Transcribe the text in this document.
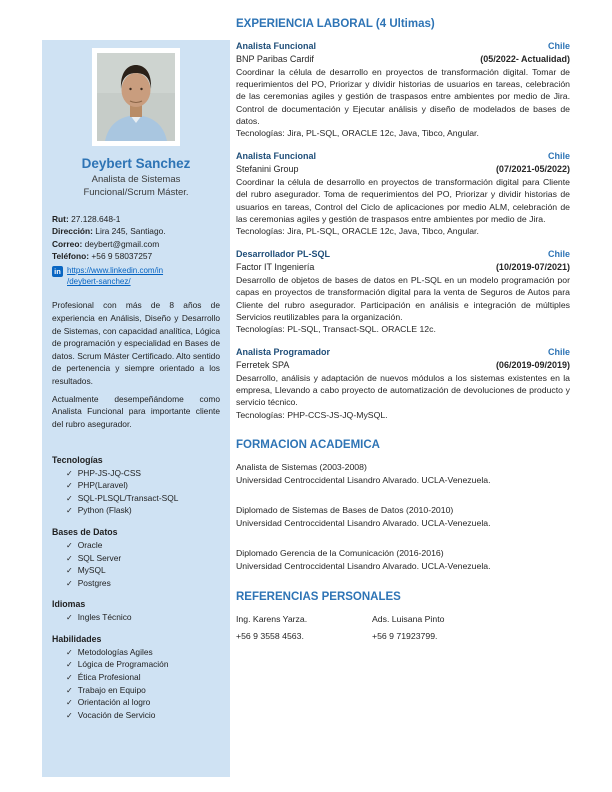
Deybert Sanchez
Analista de Sistemas Funcional/Scrum Máster.

Rut: 27.128.648-1

Dirección: Lira 245, Santiago.

Correo: deybert@gmail.com

Teléfono: +56 9 58037257

in https://www.linkedin.com/in
/deybert-sanchez/

Profesional con más de 8 años de experiencia en Análisis, Diseño y Desarrollo de Sistemas, con capacidad analítica, Lógica de programación y especialidad en Bases de datos. Scrum Máster Certificado. Alto sentido de pertenencia y siempre orientado a los resultados.

Actualmente desempeñándome como Analista Funcional para importante cliente del rubro asegurador.

Tecnologías
✓ PHP-JS-JQ-CSS
✓ PHP(Laravel)
✓ SQL-PLSQL/Transact-SQL
✓ Python (Flask)
Bases de Datos
✓ Oracle
✓ SQL Server
✓ MySQL
✓ Postgres
Idiomas
✓ Ingles Técnico
Habilidades
✓ Metodologías Agiles
✓ Lógica de Programación
✓ Ética Profesional
✓ Trabajo en Equipo
✓ Orientación al logro
✓ Vocación de Servicio
EXPERIENCIA LABORAL (4 Ultimas)
Analista Funcional	Chile
BNP Paribas Cardif	(05/2022- Actualidad)

Coordinar la célula de desarrollo en proyectos de transformación digital. Tomar de requerimientos del PO, Priorizar y dividir historias de usuarios en tareas, celebración de las ceremonias agiles y gestión de traspasos entre ambientes por medio de Jira. Control de documentación y Ejecutar análisis y diseño de modelados de bases de datos.

Tecnologías: Jira, PL-SQL, ORACLE 12c, Java, Tibco, Angular.

Analista Funcional	Chile
Stefanini Group	(07/2021-05/2022)

Coordinar la célula de desarrollo en proyectos de transformación digital para Cliente del rubro asegurador. Toma de requerimientos del PO, Priorizar y dividir historias de usuarios en tareas, Control del Ciclo de aplicaciones por medio ALM, celebración de las ceremonias agiles y gestión de traspasos entre ambientes por medio de Jira.

Tecnologías: Jira, PL-SQL, ORACLE 12c, Java, Tibco, Angular.

Desarrollador PL-SQL	Chile
Factor IT Ingeniería	(10/2019-07/2021)

Desarrollo de objetos de bases de datos en PL-SQL en un modelo programación por capas en proyectos de transformación digital para la venta de Seguros de Autos para Cliente del rubro asegurador. Participación en análisis e integración de múltiples Servicios reutilizables para la organización.

Tecnologías: PL-SQL, Transact-SQL. ORACLE 12c.

Analista Programador	Chile
Ferretek SPA	(06/2019-09/2019)

Desarrollo, análisis y adaptación de nuevos módulos a los sistemas existentes en la empresa, Llevando a cabo proyecto de automatización de devoluciones de producto y servicio técnico.

Tecnologías: PHP-CCS-JS-JQ-MySQL.

FORMACION ACADEMICA

Analista de Sistemas (2003-2008)

Universidad Centroccidental Lisandro Alvarado. UCLA-Venezuela.

Diplomado de Sistemas de Bases de Datos (2010-2010)

Universidad Centroccidental Lisandro Alvarado. UCLA-Venezuela.

Diplomado Gerencia de la Comunicación (2016-2016)

Universidad Centroccidental Lisandro Alvarado. UCLA-Venezuela.

REFERENCIAS PERSONALES

Ing. Karens Yarza.

+56 9 3558 4563.

Ads. Luisana Pinto

+56 9 71923799.
